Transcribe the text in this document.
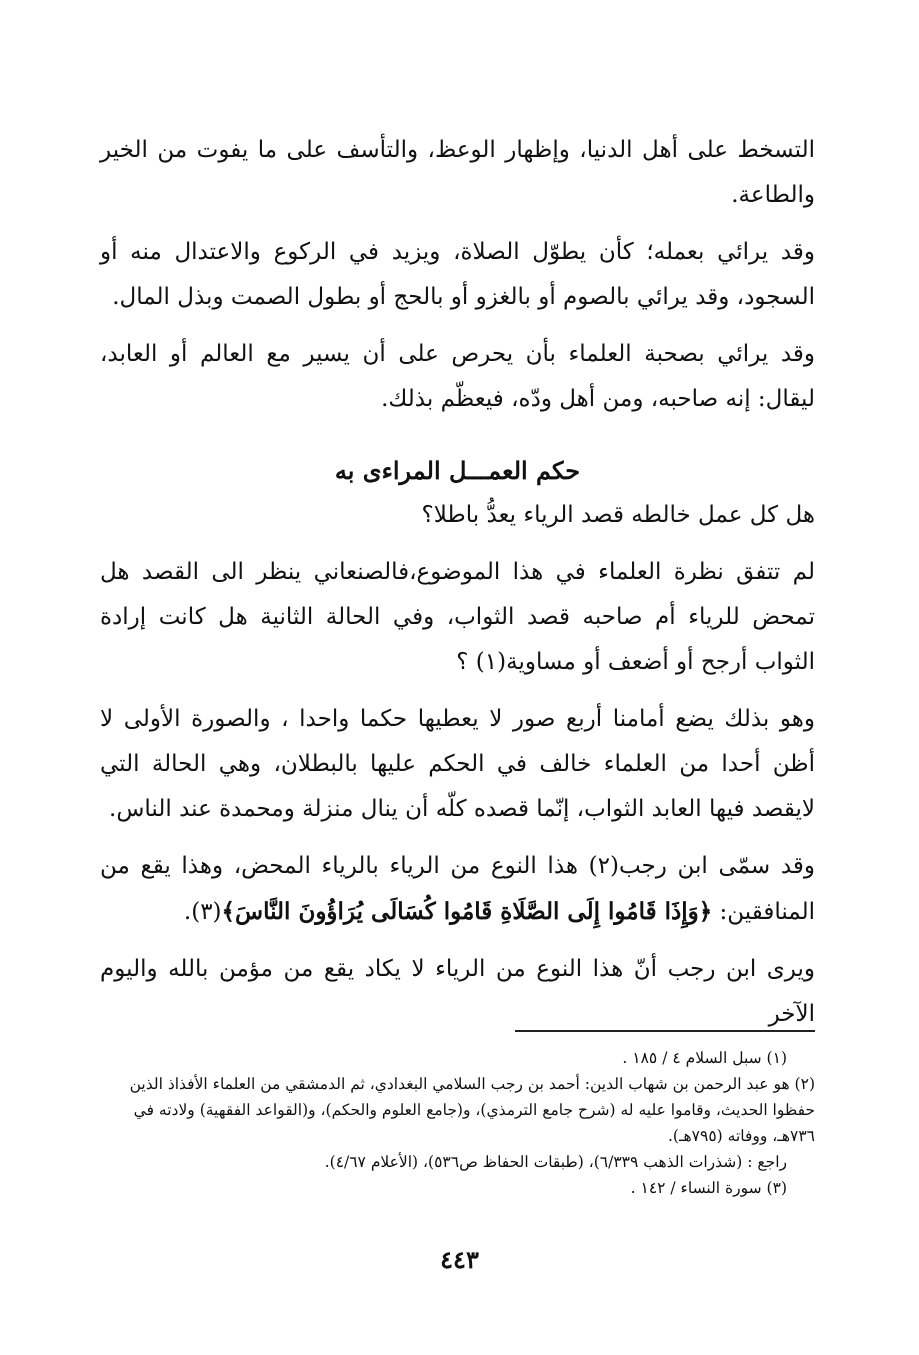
التسخط على أهل الدنيا، وإظهار الوعظ، والتأسف على ما يفوت من الخير والطاعة.

وقد يرائي بعمله؛ كأن يطوّل الصلاة، ويزيد في الركوع والاعتدال منه أو السجود، وقد يرائي بالصوم أو بالغزو أو بالحج أو بطول الصمت وبذل المال.

وقد يرائي بصحبة العلماء بأن يحرص على أن يسير مع العالم أو العابد، ليقال: إنه صاحبه، ومن أهل ودّه، فيعظّم بذلك.

حكم العمـــل المراءى به

هل كل عمل خالطه قصد الرياء يعدُّ باطلا؟

لم تتفق نظرة العلماء في هذا الموضوع،فالصنعاني ينظر الى القصد هل تمحض للرياء أم صاحبه قصد الثواب، وفي الحالة الثانية هل كانت إرادة الثواب أرجح أو أضعف أو مساوية(١) ؟

وهو بذلك يضع أمامنا أربع صور لا يعطيها حكما واحدا ، والصورة الأولى لا أظن أحدا من العلماء خالف في الحكم عليها بالبطلان، وهي الحالة التي لايقصد فيها العابد الثواب، إنّما قصده كلّه أن ينال منزلة ومحمدة عند الناس.

وقد سمّى ابن رجب(٢) هذا النوع من الرياء بالرياء المحض، وهذا يقع من المنافقين: ﴿وَإِذَا قَامُوا إِلَى الصَّلَاةِ قَامُوا كُسَالَى يُرَاؤُونَ النَّاسَ﴾(٣).

ويرى ابن رجب أنّ هذا النوع من الرياء لا يكاد يقع من مؤمن بالله واليوم الآخر

(١) سبل السلام ٤ / ١٨٥ .
(٢) هو عبد الرحمن بن شهاب الدين: أحمد بن رجب السلامي البغدادي، ثم الدمشقي من العلماء الأفذاذ الذين حفظوا الحديث، وقاموا عليه له (شرح جامع الترمذي)، و(جامع العلوم والحكم)، و(القواعد الفقهية) ولادته في ٧٣٦هـ، ووفاته (٧٩٥هـ).
راجع : (شذرات الذهب ٦/٣٣٩)، (طبقات الحفاظ ص٥٣٦)، (الأعلام ٤/٦٧).
(٣) سورة النساء / ١٤٢ .
٤٤٣
